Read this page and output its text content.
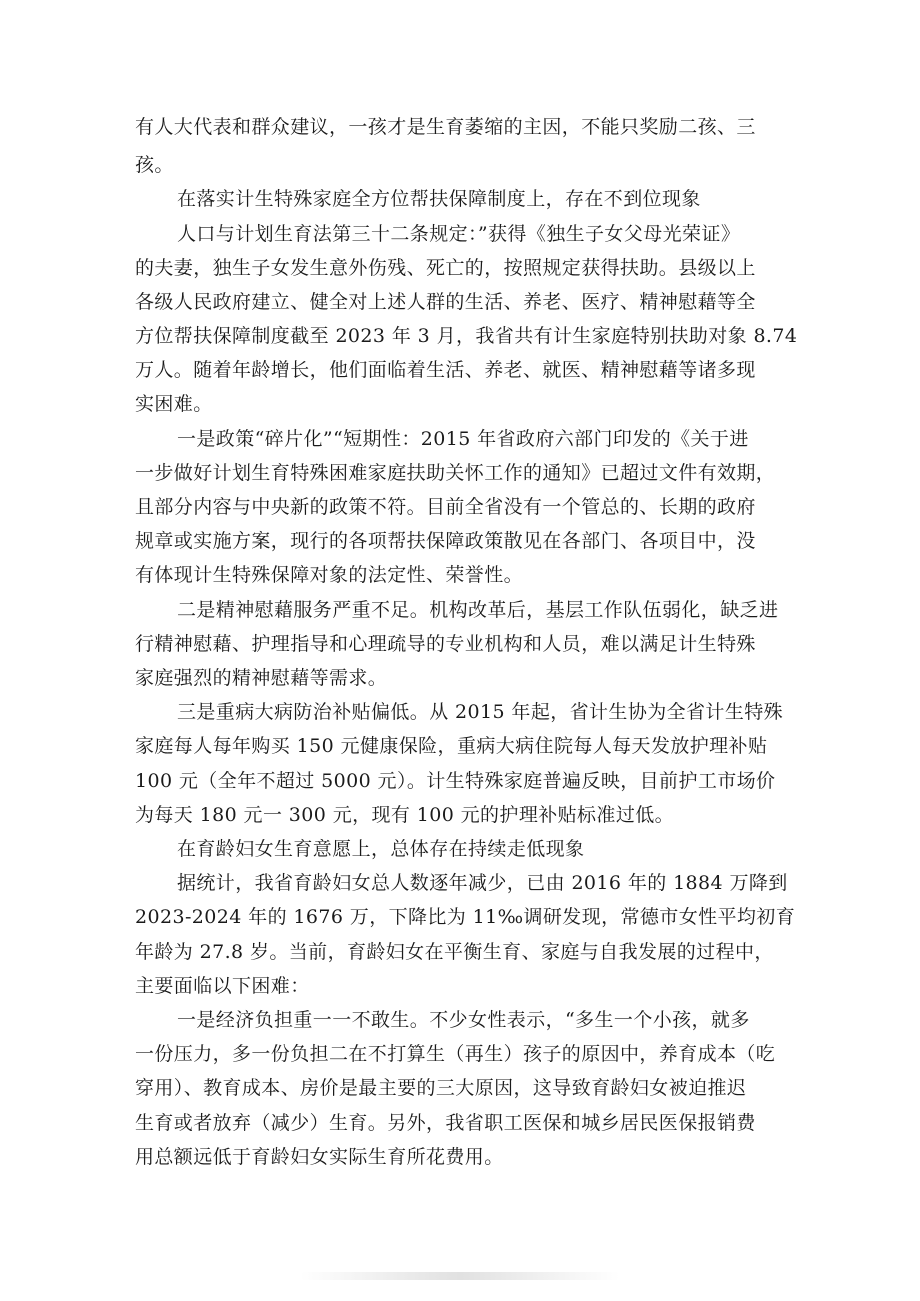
有人大代表和群众建议，一孩才是生育萎缩的主因，不能只奖励二孩、三
孩。
在落实计生特殊家庭全方位帮扶保障制度上，存在不到位现象
人口与计划生育法第三十二条规定：”获得《独生子女父母光荣证》
的夫妻，独生子女发生意外伤残、死亡的，按照规定获得扶助。县级以上
各级人民政府建立、健全对上述人群的生活、养老、医疗、精神慰藉等全
方位帮扶保障制度截至 2023 年 3 月，我省共有计生家庭特别扶助对象 8.74
万人。随着年龄增长，他们面临着生活、养老、就医、精神慰藉等诸多现
实困难。
一是政策“碎片化”“短期性：2015 年省政府六部门印发的《关于进
一步做好计划生育特殊困难家庭扶助关怀工作的通知》已超过文件有效期，
且部分内容与中央新的政策不符。目前全省没有一个管总的、长期的政府
规章或实施方案，现行的各项帮扶保障政策散见在各部门、各项目中，没
有体现计生特殊保障对象的法定性、荣誉性。
二是精神慰藉服务严重不足。机构改革后，基层工作队伍弱化，缺乏进
行精神慰藉、护理指导和心理疏导的专业机构和人员，难以满足计生特殊
家庭强烈的精神慰藉等需求。
三是重病大病防治补贴偏低。从 2015 年起，省计生协为全省计生特殊
家庭每人每年购买 150 元健康保险，重病大病住院每人每天发放护理补贴
100 元（全年不超过 5000 元）。计生特殊家庭普遍反映，目前护工市场价
为每天 180 元一 300 元，现有 100 元的护理补贴标准过低。
在育龄妇女生育意愿上，总体存在持续走低现象
据统计，我省育龄妇女总人数逐年减少，已由 2016 年的 1884 万降到
2023-2024 年的 1676 万，下降比为 11‰调研发现，常德市女性平均初育
年龄为 27.8 岁。当前，育龄妇女在平衡生育、家庭与自我发展的过程中，
主要面临以下困难：
一是经济负担重一一不敢生。不少女性表示，“多生一个小孩，就多
一份压力，多一份负担二在不打算生（再生）孩子的原因中，养育成本（吃
穿用）、教育成本、房价是最主要的三大原因，这导致育龄妇女被迫推迟
生育或者放弃（减少）生育。另外，我省职工医保和城乡居民医保报销费
用总额远低于育龄妇女实际生育所花费用。
